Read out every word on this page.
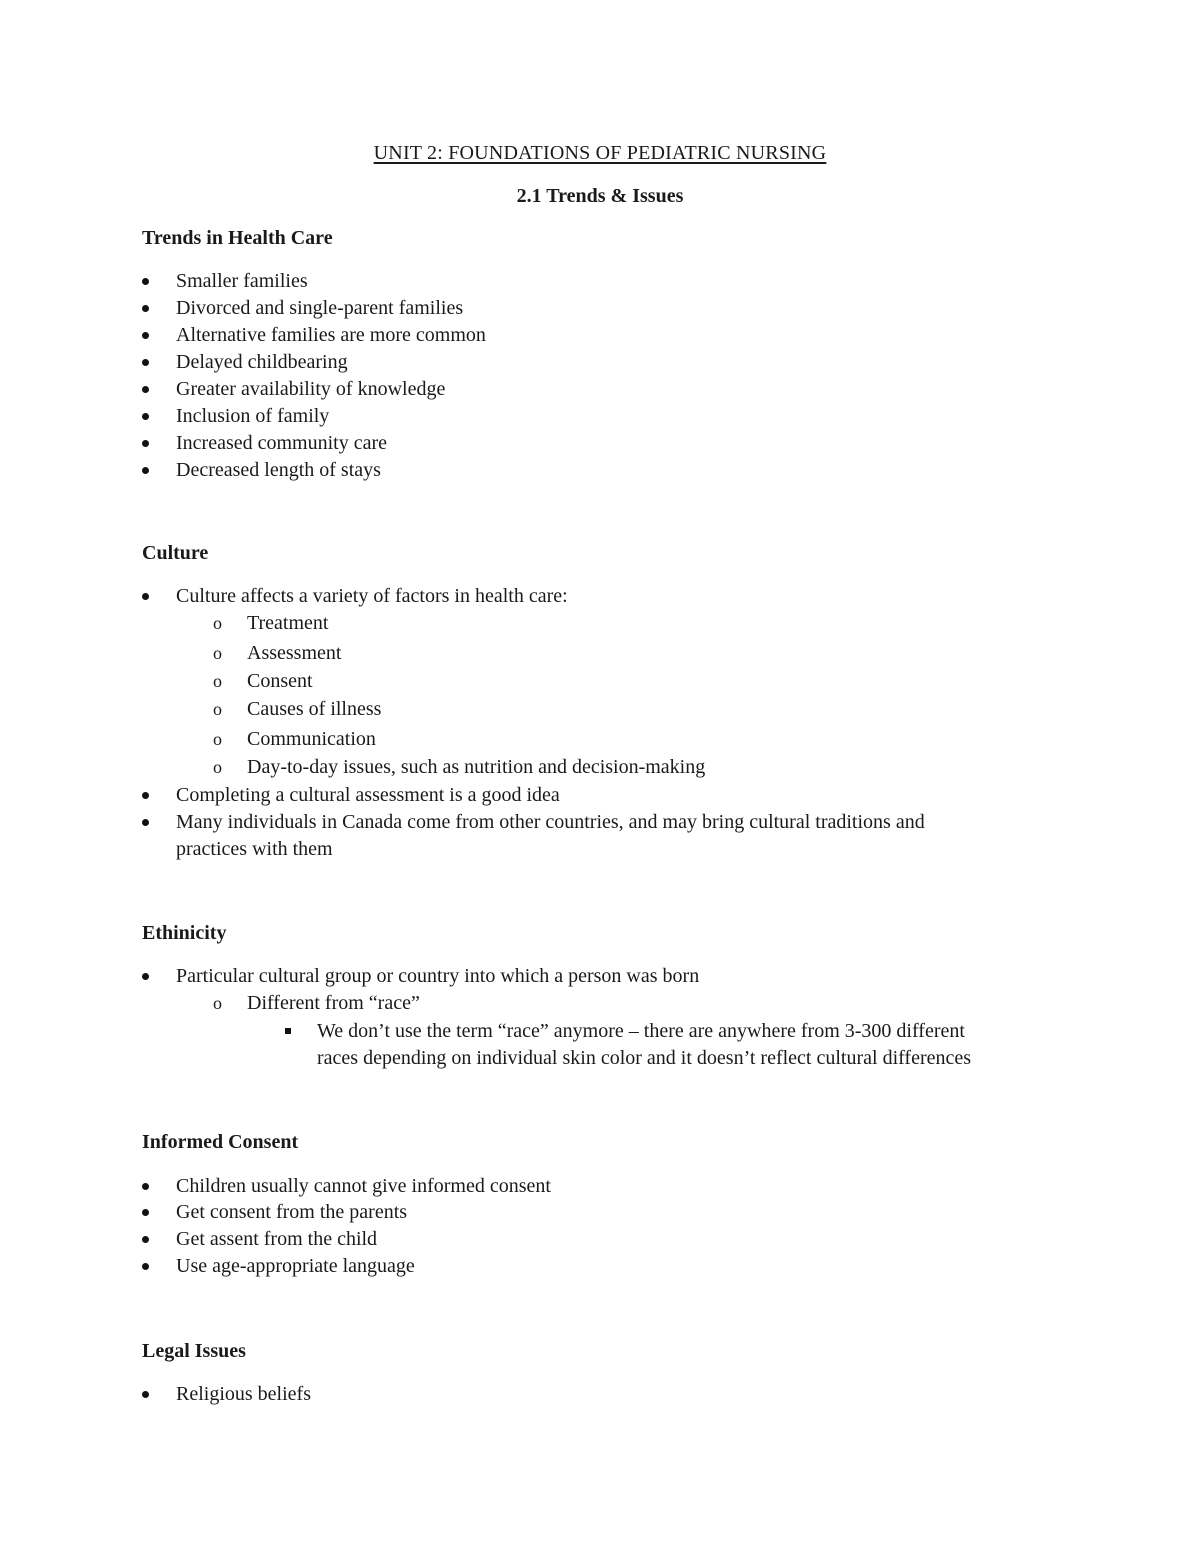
UNIT 2: FOUNDATIONS OF PEDIATRIC NURSING
2.1 Trends & Issues
Trends in Health Care
Smaller families
Divorced and single-parent families
Alternative families are more common
Delayed childbearing
Greater availability of knowledge
Inclusion of family
Increased community care
Decreased length of stays
Culture
Culture affects a variety of factors in health care:
o Treatment
o Assessment
o Consent
o Causes of illness
o Communication
o Day-to-day issues, such as nutrition and decision-making
Completing a cultural assessment is a good idea
Many individuals in Canada come from other countries, and may bring cultural traditions and
practices with them
Ethinicity
Particular cultural group or country into which a person was born
o Different from “race”
We don’t use the term “race” anymore – there are anywhere from 3-300 different
races depending on individual skin color and it doesn’t reflect cultural differences
Informed Consent
Children usually cannot give informed consent
Get consent from the parents
Get assent from the child
Use age-appropriate language
Legal Issues
Religious beliefs
